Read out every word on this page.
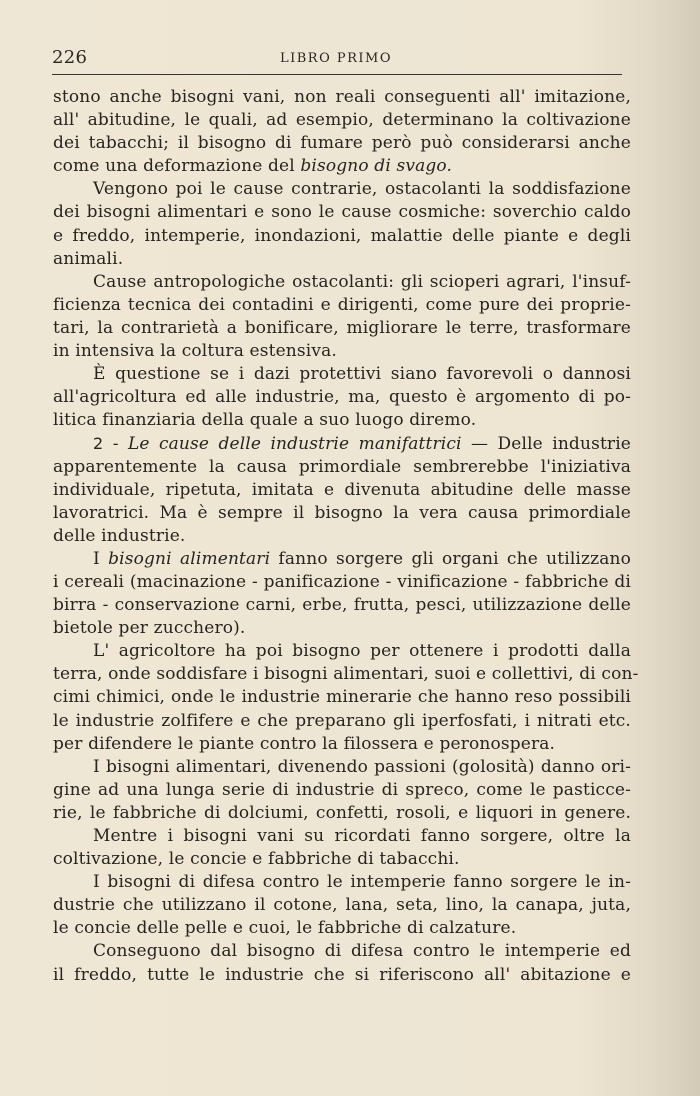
226	LIBRO PRIMO
stono anche bisogni vani, non reali conseguenti all' imitazione,
all' abitudine, le quali, ad esempio, determinano la coltivazione
dei tabacchi; il bisogno di fumare però può considerarsi anche
come una deformazione del bisogno di svago.
Vengono poi le cause contrarie, ostacolanti la soddisfazione
dei bisogni alimentari e sono le cause cosmiche: soverchio caldo
e freddo, intemperie, inondazioni, malattie delle piante e degli
animali.
Cause antropologiche ostacolanti: gli scioperi agrari, l'insuf-
ficienza tecnica dei contadini e dirigenti, come pure dei proprie-
tari, la contrarietà a bonificare, migliorare le terre, trasformare
in intensiva la coltura estensiva.
È questione se i dazi protettivi siano favorevoli o dannosi
all'agricoltura ed alle industrie, ma, questo è argomento di po-
litica finanziaria della quale a suo luogo diremo.
2 - Le cause delle industrie manifattrici — Delle industrie
apparentemente la causa primordiale sembrerebbe l'iniziativa
individuale, ripetuta, imitata e divenuta abitudine delle masse
lavoratrici. Ma è sempre il bisogno la vera causa primordiale
delle industrie.
I bisogni alimentari fanno sorgere gli organi che utilizzano
i cereali (macinazione - panificazione - vinificazione - fabbriche di
birra - conservazione carni, erbe, frutta, pesci, utilizzazione delle
bietole per zucchero).
L' agricoltore ha poi bisogno per ottenere i prodotti dalla
terra, onde soddisfare i bisogni alimentari, suoi e collettivi, di con-
cimi chimici, onde le industrie minerarie che hanno reso possibili
le industrie zolfifere e che preparano gli iperfosfati, i nitrati etc.
per difendere le piante contro la filossera e peronospera.
I bisogni alimentari, divenendo passioni (golosità) danno ori-
gine ad una lunga serie di industrie di spreco, come le pasticce-
rie, le fabbriche di dolciumi, confetti, rosoli, e liquori in genere.
Mentre i bisogni vani su ricordati fanno sorgere, oltre la
coltivazione, le concie e fabbriche di tabacchi.
I bisogni di difesa contro le intemperie fanno sorgere le in-
dustrie che utilizzano il cotone, lana, seta, lino, la canapa, juta,
le concie delle pelle e cuoi, le fabbriche di calzature.
Conseguono dal bisogno di difesa contro le intemperie ed
il freddo, tutte le industrie che si riferiscono all' abitazione e
